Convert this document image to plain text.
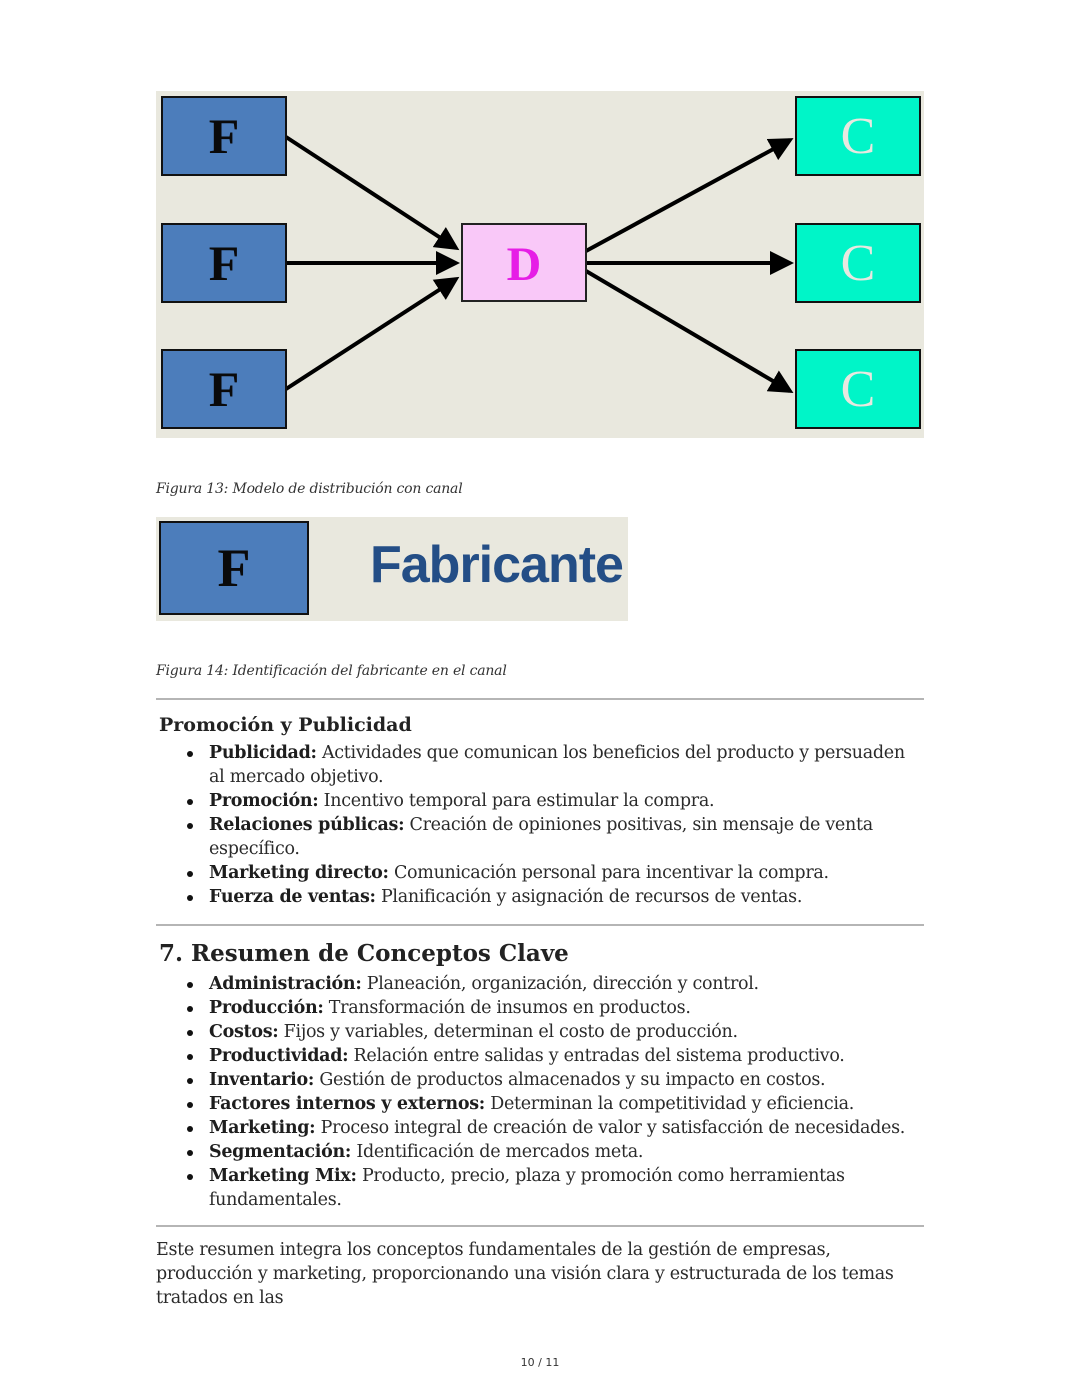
F
F
F
D
C
C
C
Figura 13: Modelo de distribución con canal
F	Fabricante
Figura 14: Identificación del fabricante en el canal
Promoción y Publicidad
Publicidad: Actividades que comunican los beneficios del producto y persuaden al mercado objetivo.
Promoción: Incentivo temporal para estimular la compra.
Relaciones públicas: Creación de opiniones positivas, sin mensaje de venta específico.
Marketing directo: Comunicación personal para incentivar la compra.
Fuerza de ventas: Planificación y asignación de recursos de ventas.
7. Resumen de Conceptos Clave
Administración: Planeación, organización, dirección y control.
Producción: Transformación de insumos en productos.
Costos: Fijos y variables, determinan el costo de producción.
Productividad: Relación entre salidas y entradas del sistema productivo.
Inventario: Gestión de productos almacenados y su impacto en costos.
Factores internos y externos: Determinan la competitividad y eficiencia.
Marketing: Proceso integral de creación de valor y satisfacción de necesidades.
Segmentación: Identificación de mercados meta.
Marketing Mix: Producto, precio, plaza y promoción como herramientas fundamentales.

Este resumen integra los conceptos fundamentales de la gestión de empresas, producción y marketing, proporcionando una visión clara y estructurada de los temas tratados en las

10 / 11
